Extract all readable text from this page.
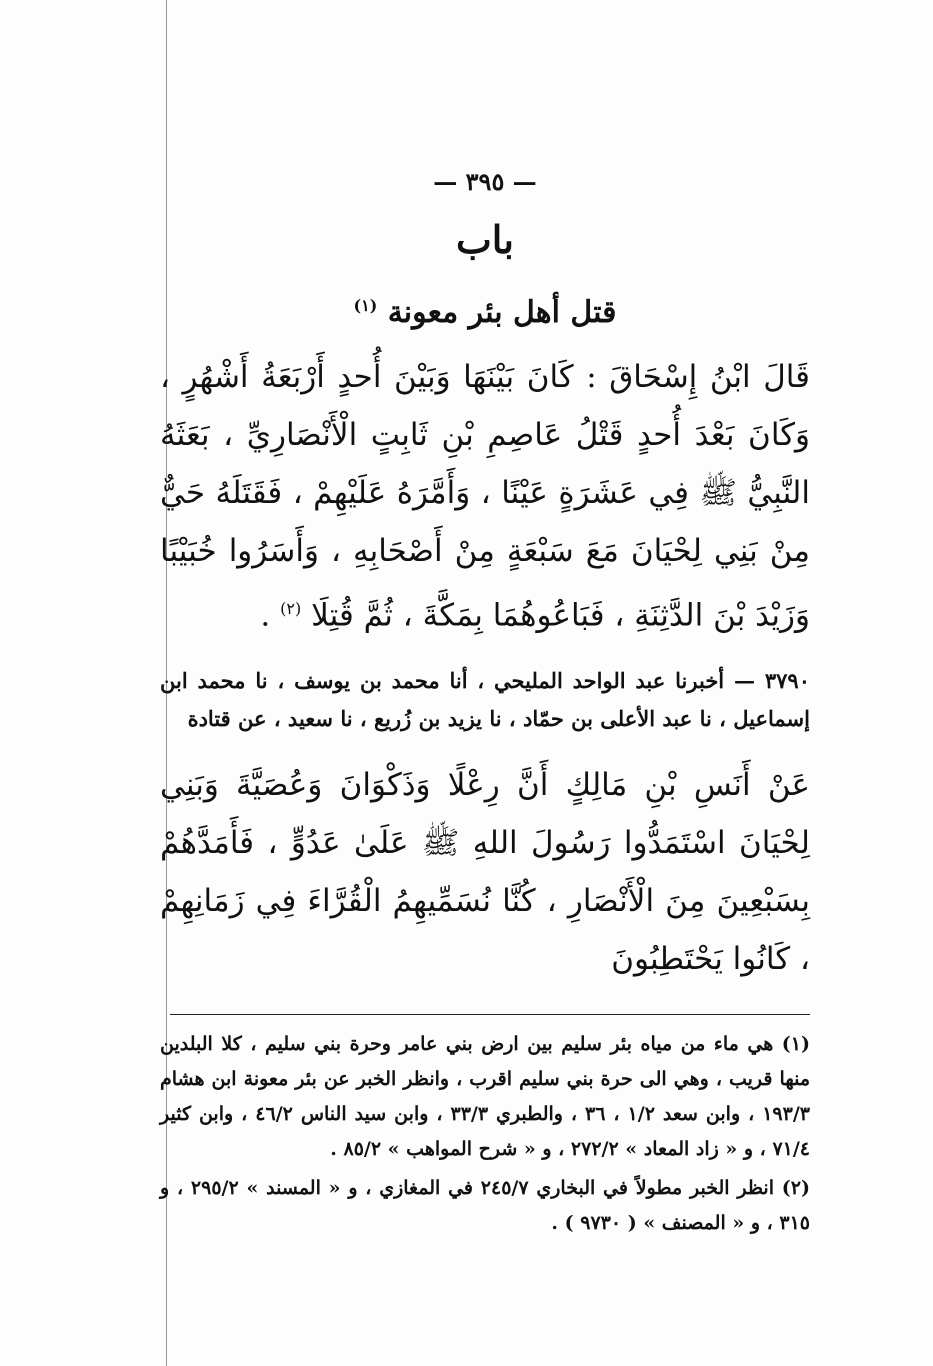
— ٣٩٥ —
باب
قتل أهل بئر معونة $^{(١)}$

قَالَ ابْنُ إِسْحَاقَ : كَانَ بَيْنَهَا وَبَيْنَ أُحدٍ أَرْبَعَةُ أَشْهُرٍ ، وَكَانَ بَعْدَ أُحدٍ قَتْلُ عَاصِمِ بْنِ ثَابِتٍ الْأَنْصَارِيِّ ، بَعَثَهُ النَّبِيُّ ﷺ فِي عَشَرَةٍ عَيْنًا ، وَأَمَّرَهُ عَلَيْهِمْ ، فَقَتَلَهُ حَيٌّ مِنْ بَنِي لِحْيَانَ مَعَ سَبْعَةٍ مِنْ أَصْحَابِهِ ، وَأَسَرُوا خُبَيْبًا وَزَيْدَ بْنَ الدَّثِنَةِ ، فَبَاعُوهُمَا بِمَكَّةَ ، ثُمَّ قُتِلَا $^{(٢)}$ .

٣٧٩٠ — أخبرنا عبد الواحد المليحي ، أنا محمد بن يوسف ، نا محمد ابن إسماعيل ، نا عبد الأعلى بن حمّاد ، نا يزيد بن زُريع ، نا سعيد ، عن قتادة

عَنْ أَنَسِ بْنِ مَالِكٍ أَنَّ رِعْلًا وَذَكْوَانَ وَعُصَيَّةَ وَبَنِي لِحْيَانَ اسْتَمَدُّوا رَسُولَ اللهِ ﷺ عَلَىٰ عَدُوٍّ ، فَأَمَدَّهُمْ بِسَبْعِينَ مِنَ الْأَنْصَارِ ، كُنَّا نُسَمِّيهِمُ الْقُرَّاءَ فِي زَمَانِهِمْ ، كَانُوا يَحْتَطِبُونَ

(١) هي ماء من مياه بئر سليم بين ارض بني عامر وحرة بني سليم ، كلا البلدين منها قريب ، وهي الى حرة بني سليم اقرب ، وانظر الخبر عن بئر معونة ابن هشام ١٩٣/٣ ، وابن سعد ١/٢ ، ٣٦ ، والطبري ٣٣/٣ ، وابن سيد الناس ٤٦/٢ ، وابن كثير ٧١/٤ ، و « زاد المعاد » ٢٧٢/٢ ، و « شرح المواهب » ٨٥/٢ .

(٢) انظر الخبر مطولاً في البخاري ٢٤٥/٧ في المغازي ، و « المسند » ٢٩٥/٢ ، و ٣١٥ ، و « المصنف » ( ٩٧٣٠ ) .
